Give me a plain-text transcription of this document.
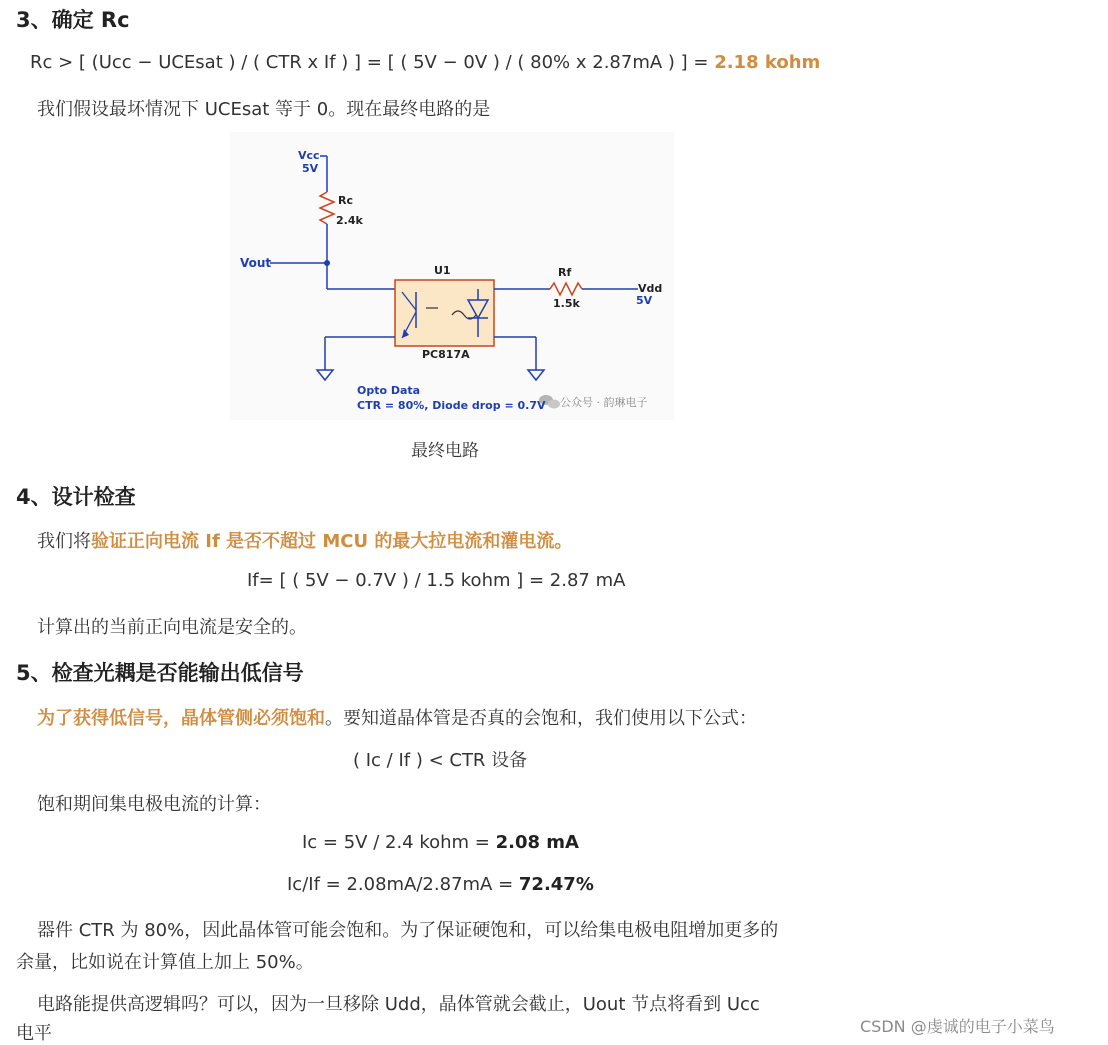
3、确定 Rc
Rc > [ (Ucc − UCEsat ) / ( CTR x If ) ] = [ ( 5V − 0V ) / ( 80% x 2.87mA ) ] = 2.18 kohm
我们假设最坏情况下 UCEsat 等于 0。现在最终电路的是
Vcc
5V
Rc
2.4k
Vout
U1	Rf
1.5k
Vdd
5V
PC817A
Opto Data
CTR = 80%, Diode drop = 0.7V 公众号 · 韵琳电子
最终电路
4、设计检查
我们将验证正向电流 If 是否不超过 MCU 的最大拉电流和灌电流。
If= [ ( 5V − 0.7V ) / 1.5 kohm ] = 2.87 mA
计算出的当前正向电流是安全的。
5、检查光耦是否能输出低信号
为了获得低信号，晶体管侧必须饱和。要知道晶体管是否真的会饱和，我们使用以下公式：
( Ic / If ) < CTR 设备
饱和期间集电极电流的计算：
Ic = 5V / 2.4 kohm = 2.08 mA
Ic/If = 2.08mA/2.87mA = 72.47%
器件 CTR 为 80%，因此晶体管可能会饱和。为了保证硬饱和，可以给集电极电阻增加更多的
余量，比如说在计算值上加上 50%。
电路能提供高逻辑吗？可以，因为一旦移除 Udd，晶体管就会截止，Uout 节点将看到 Ucc
电平	CSDN @虔诚的电子小菜鸟
